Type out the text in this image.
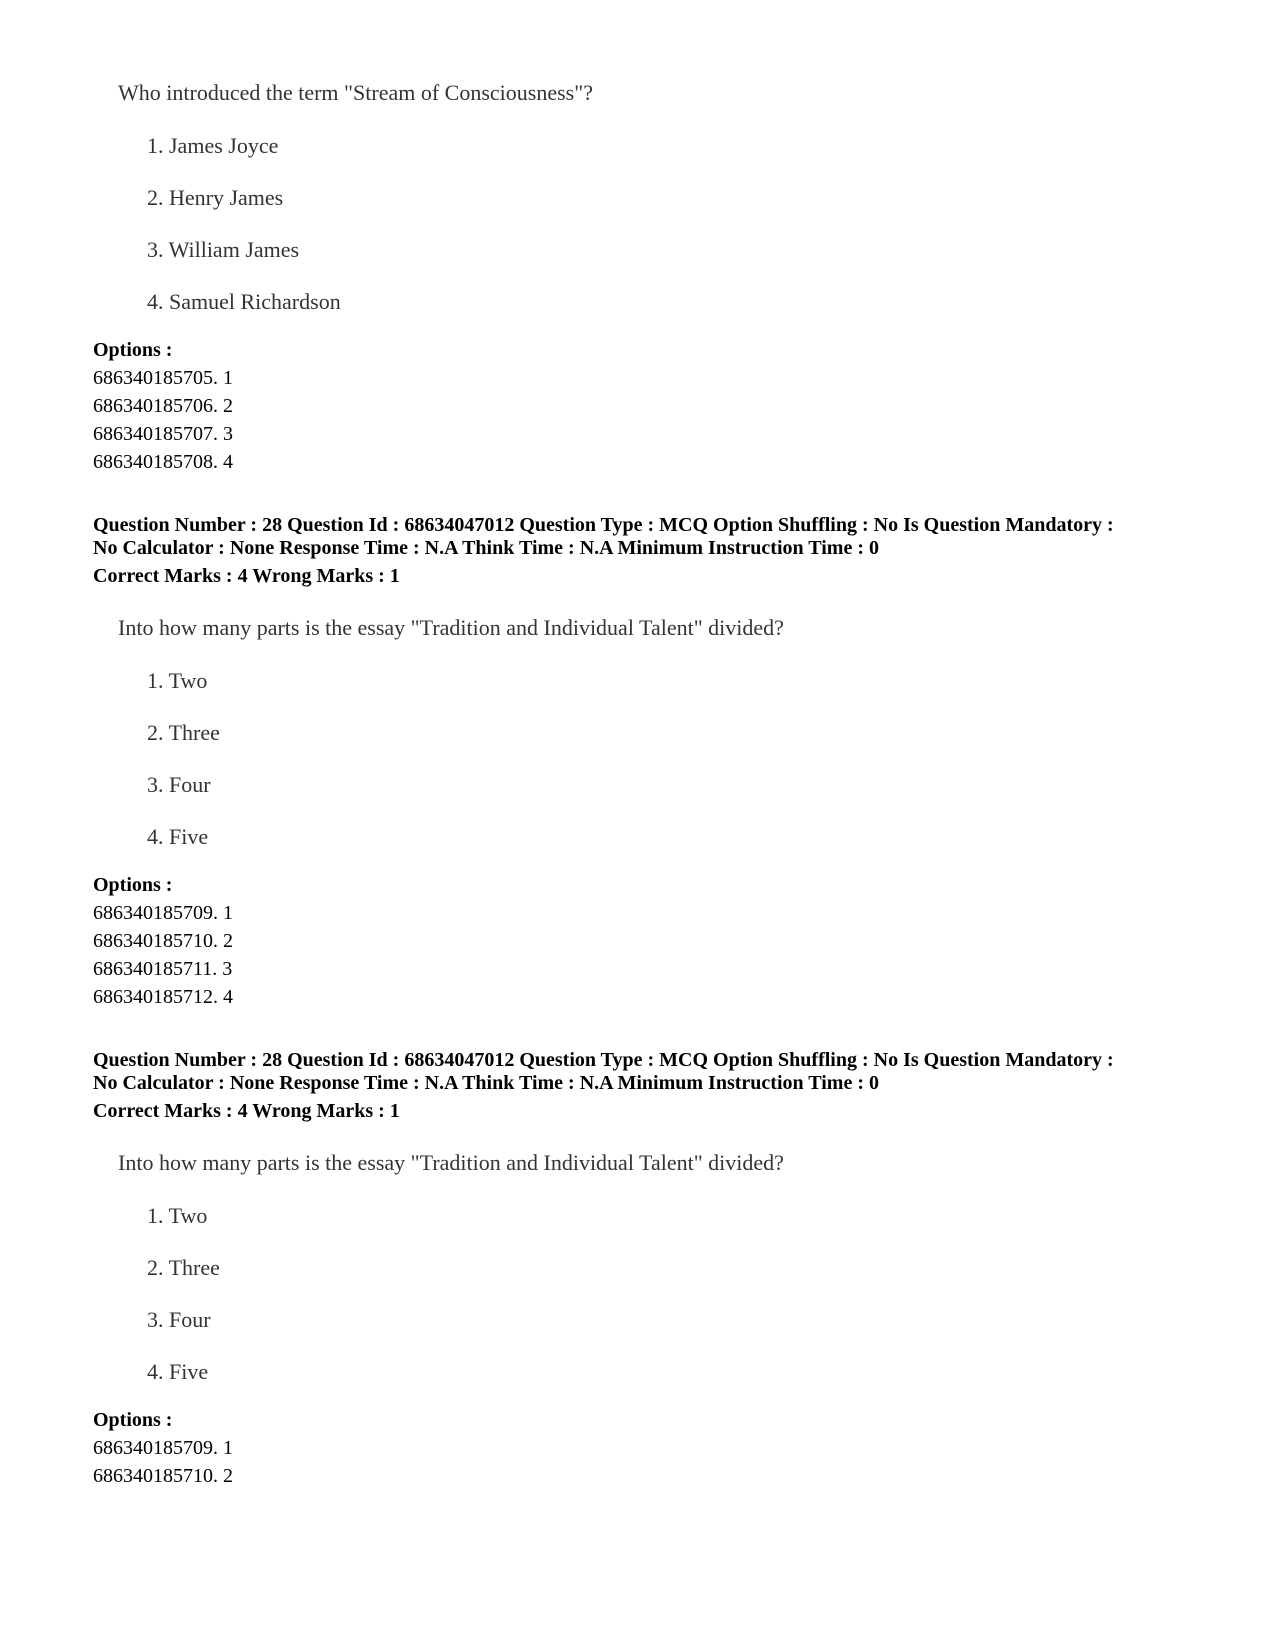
Who introduced the term "Stream of Consciousness"?
1. James Joyce
2. Henry James
3. William James
4. Samuel Richardson
Options :
686340185705. 1
686340185706. 2
686340185707. 3
686340185708. 4
Question Number : 28 Question Id : 68634047012 Question Type : MCQ Option Shuffling : No Is Question Mandatory :
No Calculator : None Response Time : N.A Think Time : N.A Minimum Instruction Time : 0
Correct Marks : 4 Wrong Marks : 1
Into how many parts is the essay "Tradition and Individual Talent" divided?
1. Two
2. Three
3. Four
4. Five
Options :
686340185709. 1
686340185710. 2
686340185711. 3
686340185712. 4
Question Number : 28 Question Id : 68634047012 Question Type : MCQ Option Shuffling : No Is Question Mandatory :
No Calculator : None Response Time : N.A Think Time : N.A Minimum Instruction Time : 0
Correct Marks : 4 Wrong Marks : 1
Into how many parts is the essay "Tradition and Individual Talent" divided?
1. Two
2. Three
3. Four
4. Five
Options :
686340185709. 1
686340185710. 2
